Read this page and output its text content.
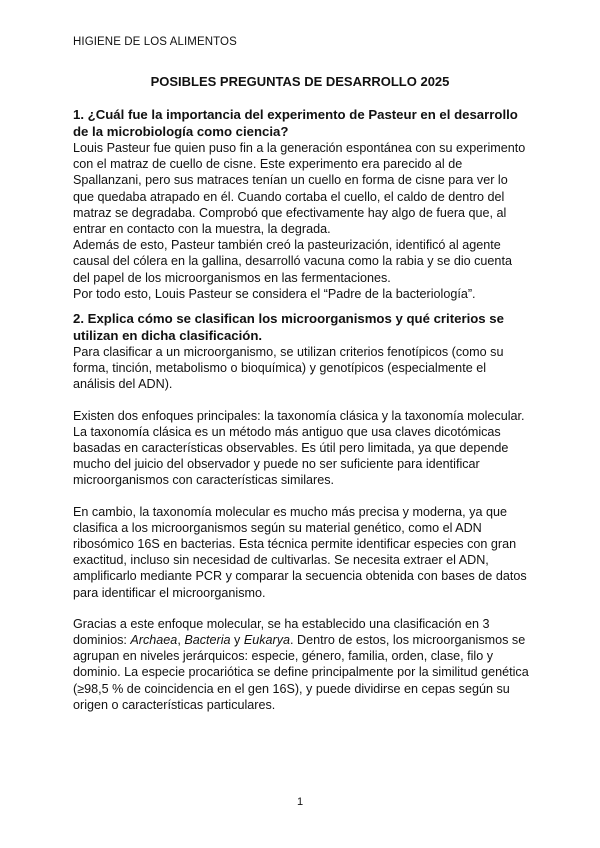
HIGIENE DE LOS ALIMENTOS
POSIBLES PREGUNTAS DE DESARROLLO 2025

1. ¿Cuál fue la importancia del experimento de Pasteur en el desarrollo de la microbiología como ciencia?

Louis Pasteur fue quien puso fin a la generación espontánea con su experimento con el matraz de cuello de cisne. Este experimento era parecido al de Spallanzani, pero sus matraces tenían un cuello en forma de cisne para ver lo que quedaba atrapado en él. Cuando cortaba el cuello, el caldo de dentro del matraz se degradaba. Comprobó que efectivamente hay algo de fuera que, al entrar en contacto con la muestra, la degrada.

Además de esto, Pasteur también creó la pasteurización, identificó al agente causal del cólera en la gallina, desarrolló vacuna como la rabia y se dio cuenta del papel de los microorganismos en las fermentaciones.

Por todo esto, Louis Pasteur se considera el “Padre de la bacteriología”.

2. Explica cómo se clasifican los microorganismos y qué criterios se utilizan en dicha clasificación.

Para clasificar a un microorganismo, se utilizan criterios fenotípicos (como su forma, tinción, metabolismo o bioquímica) y genotípicos (especialmente el análisis del ADN).

Existen dos enfoques principales: la taxonomía clásica y la taxonomía molecular. La taxonomía clásica es un método más antiguo que usa claves dicotómicas basadas en características observables. Es útil pero limitada, ya que depende mucho del juicio del observador y puede no ser suficiente para identificar microorganismos con características similares.

En cambio, la taxonomía molecular es mucho más precisa y moderna, ya que clasifica a los microorganismos según su material genético, como el ADN ribosómico 16S en bacterias. Esta técnica permite identificar especies con gran exactitud, incluso sin necesidad de cultivarlas. Se necesita extraer el ADN, amplificarlo mediante PCR y comparar la secuencia obtenida con bases de datos para identificar el microorganismo.

Gracias a este enfoque molecular, se ha establecido una clasificación en 3 dominios: Archaea, Bacteria y Eukarya. Dentro de estos, los microorganismos se agrupan en niveles jerárquicos: especie, género, familia, orden, clase, filo y dominio. La especie procariótica se define principalmente por la similitud genética (≥98,5 % de coincidencia en el gen 16S), y puede dividirse en cepas según su origen o características particulares.

1
